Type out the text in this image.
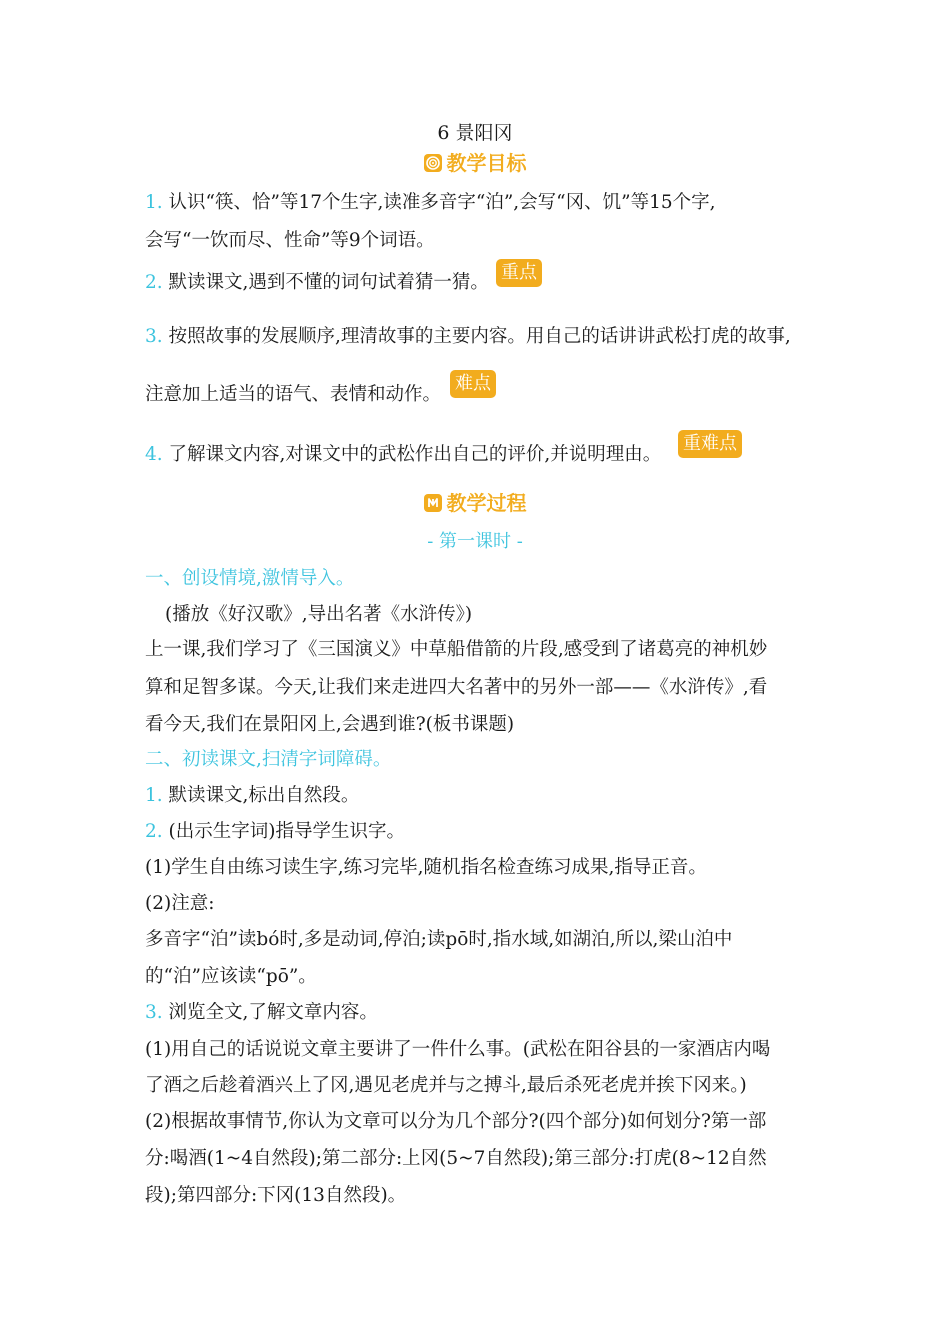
6 景阳冈
教学目标
1. 认识“筷、恰”等17个生字,读准多音字“泊”,会写“冈、饥”等15个字,
会写“一饮而尽、性命”等9个词语。
2. 默读课文,遇到不懂的词句试着猜一猜。 重点
3. 按照故事的发展顺序,理清故事的主要内容。用自己的话讲讲武松打虎的故事,
注意加上适当的语气、表情和动作。
难点
4. 了解课文内容,对课文中的武松作出自己的评价,并说明理由。
重难点
教学过程
- 第一课时 -
一、创设情境,激情导入。
(播放《好汉歌》,导出名著《水浒传》)
上一课,我们学习了《三国演义》中草船借箭的片段,感受到了诸葛亮的神机妙
算和足智多谋。今天,让我们来走进四大名著中的另外一部——《水浒传》,看
看今天,我们在景阳冈上,会遇到谁?(板书课题)
二、初读课文,扫清字词障碍。
1. 默读课文,标出自然段。
2. (出示生字词)指导学生识字。
(1)学生自由练习读生字,练习完毕,随机指名检查练习成果,指导正音。
(2)注意:
多音字“泊”读bó时,多是动词,停泊;读pō时,指水域,如湖泊,所以,梁山泊中
的“泊”应该读“pō”。
3. 浏览全文,了解文章内容。
(1)用自己的话说说文章主要讲了一件什么事。(武松在阳谷县的一家酒店内喝
了酒之后趁着酒兴上了冈,遇见老虎并与之搏斗,最后杀死老虎并挨下冈来。)
(2)根据故事情节,你认为文章可以分为几个部分?(四个部分)如何划分?第一部
分:喝酒(1~4自然段);第二部分:上冈(5~7自然段);第三部分:打虎(8~12自然
段);第四部分:下冈(13自然段)。
